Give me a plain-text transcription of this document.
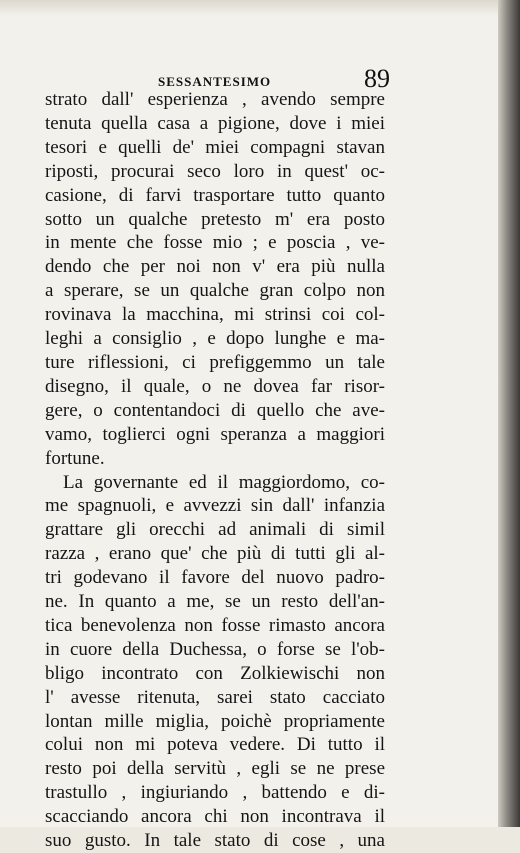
SESSANTESIMO	89
strato dall' esperienza , avendo sempre
tenuta quella casa a pigione, dove i miei
tesori e quelli de' miei compagni stavan
riposti, procurai seco loro in quest' oc-
casione, di farvi trasportare tutto quanto
sotto un qualche pretesto m' era posto
in mente che fosse mio ; e poscia , ve-
dendo che per noi non v' era più nulla
a sperare, se un qualche gran colpo non
rovinava la macchina, mi strinsi coi col-
leghi a consiglio , e dopo lunghe e ma-
ture riflessioni, ci prefiggemmo un tale
disegno, il quale, o ne dovea far risor-
gere, o contentandoci di quello che ave-
vamo, toglierci ogni speranza a maggiori
fortune.
La governante ed il maggiordomo, co-
me spagnuoli, e avvezzi sin dall' infanzia
grattare gli orecchi ad animali di simil
razza , erano que' che più di tutti gli al-
tri godevano il favore del nuovo padro-
ne. In quanto a me, se un resto dell'an-
tica benevolenza non fosse rimasto ancora
in cuore della Duchessa, o forse se l'ob-
bligo incontrato con Zolkiewischi non
l' avesse ritenuta, sarei stato cacciato
lontan mille miglia, poichè propriamente
colui non mi poteva vedere. Di tutto il
resto poi della servitù , egli se ne prese
trastullo , ingiuriando , battendo e di-
scacciando ancora chi non incontrava il
suo gusto. In tale stato di cose , una
